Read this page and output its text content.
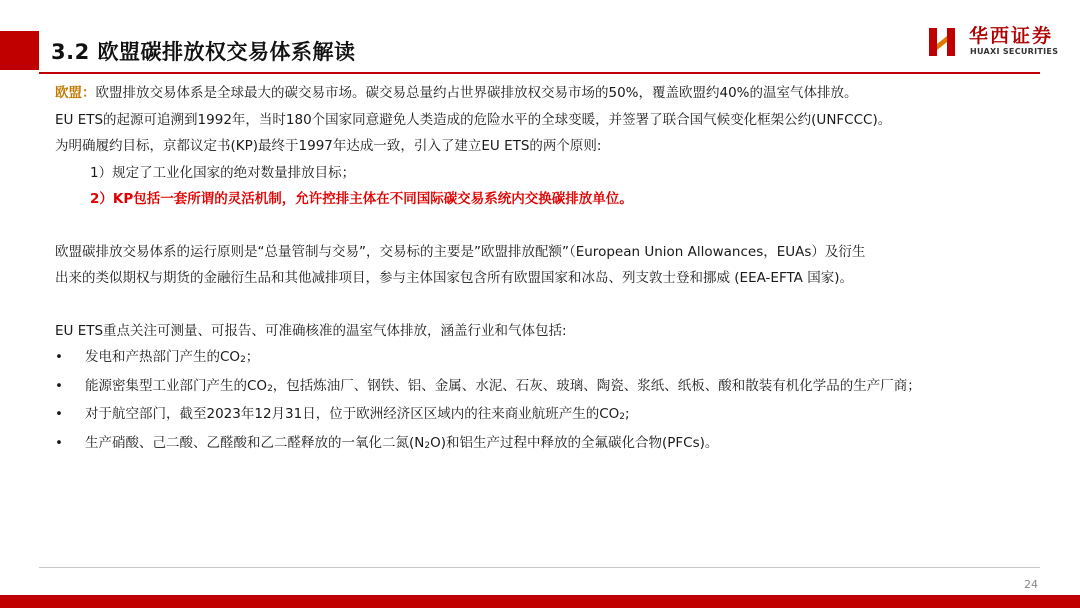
3.2 欧盟碳排放权交易体系解读
华西证券
HUAXI SECURITIES
欧盟：欧盟排放交易体系是全球最大的碳交易市场。碳交易总量约占世界碳排放权交易市场的50%，覆盖欧盟约40%的温室气体排放。
EU ETS的起源可追溯到1992年，当时180个国家同意避免人类造成的危险水平的全球变暖，并签署了联合国气候变化框架公约(UNFCCC)。
为明确履约目标，京都议定书(KP)最终于1997年达成一致，引入了建立EU ETS的两个原则:
1）规定了工业化国家的绝对数量排放目标；
2）KP包括一套所谓的灵活机制，允许控排主体在不同国际碳交易系统内交换碳排放单位。
欧盟碳排放交易体系的运行原则是“总量管制与交易”，交易标的主要是”欧盟排放配额”（European Union Allowances，EUAs）及衍生
出来的类似期权与期货的金融衍生品和其他减排项目，参与主体国家包含所有欧盟国家和冰岛、列支敦士登和挪威 (EEA-EFTA 国家)。
EU ETS重点关注可测量、可报告、可准确核准的温室气体排放，涵盖行业和气体包括:
• 发电和产热部门产生的$CO_2$；
• 能源密集型工业部门产生的$CO_2$，包括炼油厂、钢铁、铝、金属、水泥、石灰、玻璃、陶瓷、浆纸、纸板、酸和散装有机化学品的生产厂商；
• 对于航空部门，截至2023年12月31日，位于欧洲经济区区域内的往来商业航班产生的$CO_2$;
• 生产硝酸、己二酸、乙醛酸和乙二醛释放的一氧化二氮$(N_2O)$和铝生产过程中释放的全氟碳化合物(PFCs)。
24
